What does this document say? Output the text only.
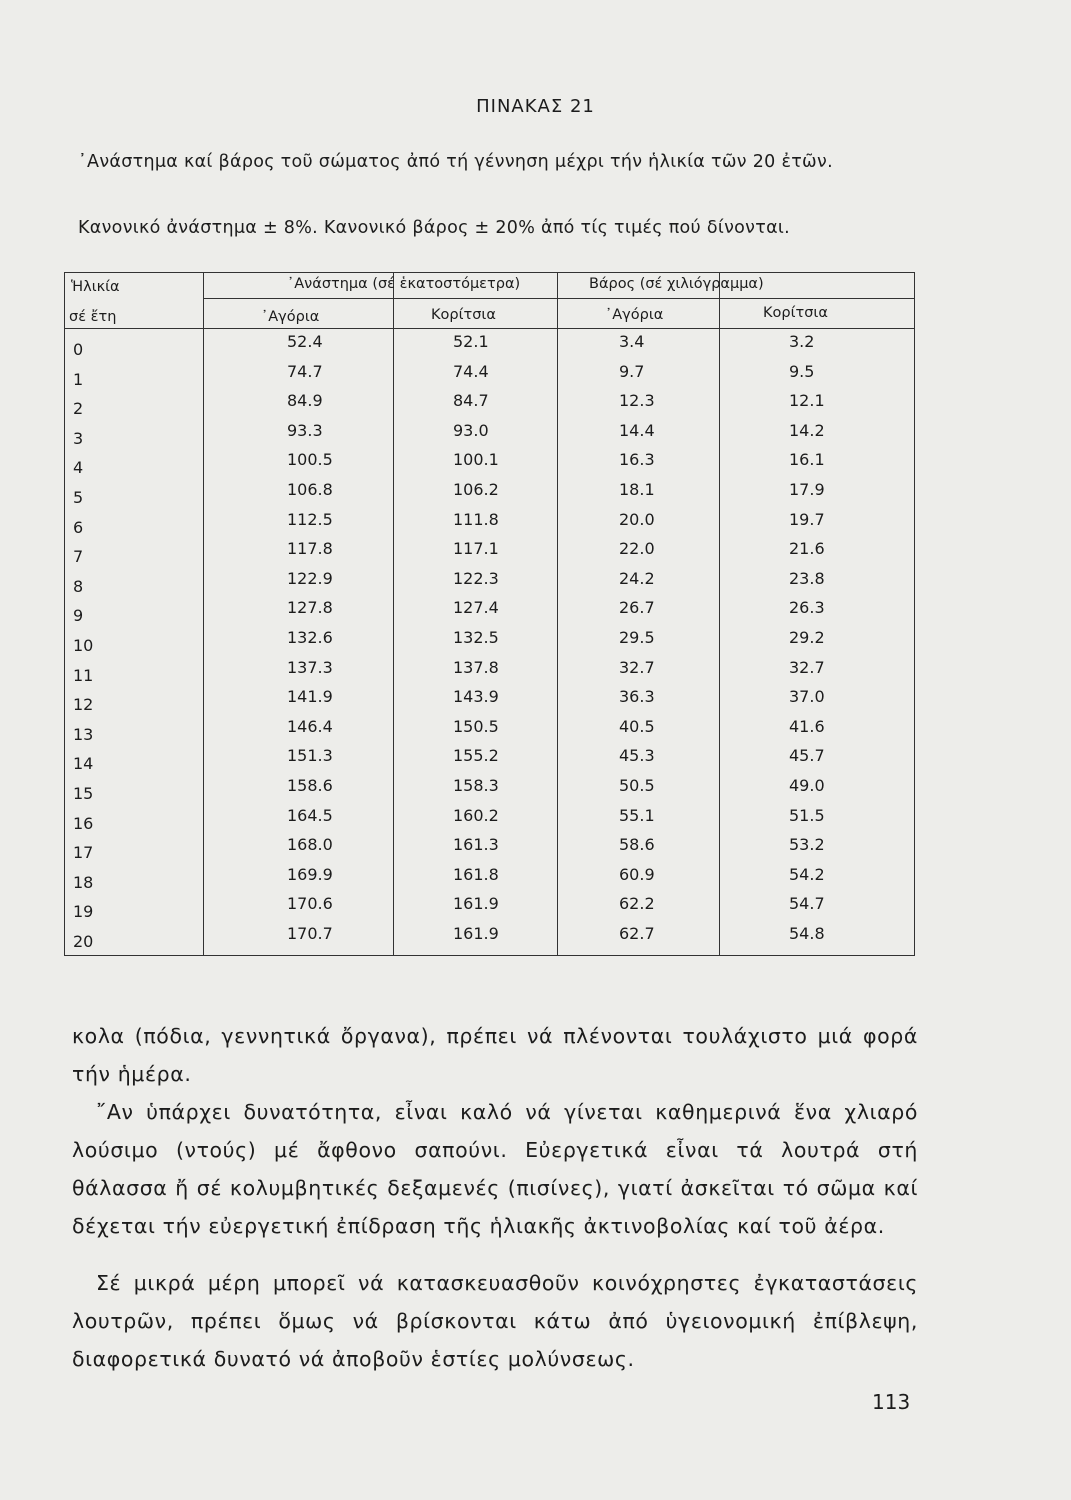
ΠΙΝΑΚΑΣ 21
᾿Ανάστημα καί βάρος τοῦ σώματος ἀπό τή γέννηση μέχρι τήν ἡλικία τῶν 20 ἐτῶν.
Κανονικό ἀνάστημα ± 8%. Κανονικό βάρος ± 20% ἀπό τίς τιμές πού δίνονται.
Ἡλικία
σέ ἔτη
᾿Ανάστημα (σέ ἑκατοστόμετρα)	Βάρος (σέ χιλιόγραμμα)
᾿Αγόρια	Κορίτσια	᾿Αγόρια	Κορίτσια
0	52.4	52.1	3.4	3.2
1	74.7	74.4	9.7	9.5
2	84.9	84.7	12.3	12.1
3	93.3	93.0	14.4	14.2
4	100.5	100.1	16.3	16.1
5	106.8	106.2	18.1	17.9
6	112.5	111.8	20.0	19.7
7	117.8	117.1	22.0	21.6
8	122.9	122.3	24.2	23.8
9	127.8	127.4	26.7	26.3
10	132.6	132.5	29.5	29.2
11	137.3	137.8	32.7	32.7
12	141.9	143.9	36.3	37.0
13	146.4	150.5	40.5	41.6
14	151.3	155.2	45.3	45.7
15	158.6	158.3	50.5	49.0
16	164.5	160.2	55.1	51.5
17	168.0	161.3	58.6	53.2
18	169.9	161.8	60.9	54.2
19	170.6	161.9	62.2	54.7
20	170.7	161.9	62.7	54.8
κολα (πόδια, γεννητικά ὄργανα), πρέπει νά πλένονται τουλάχιστο μιά φορά τήν ἡμέρα.
῎Αν ὑπάρχει δυνατότητα, εἶναι καλό νά γίνεται καθημερινά ἕνα χλιαρό λούσιμο (ντούς) μέ ἄφθονο σαπούνι. Εὐεργετικά εἶναι τά λουτρά στή θάλασσα ἤ σέ κολυμβητικές δεξαμενές (πισίνες), γιατί ἀσκεῖται τό σῶμα καί δέχεται τήν εὐεργετική ἐπίδραση τῆς ἡλιακῆς ἀκτινοβολίας καί τοῦ ἀέρα.
Σέ μικρά μέρη μπορεῖ νά κατασκευασθοῦν κοινόχρηστες ἐγκαταστάσεις λουτρῶν, πρέπει ὅμως νά βρίσκονται κάτω ἀπό ὑγειονομική ἐπίβλεψη, διαφορετικά δυνατό νά ἀποβοῦν ἑστίες μολύνσεως.
113
